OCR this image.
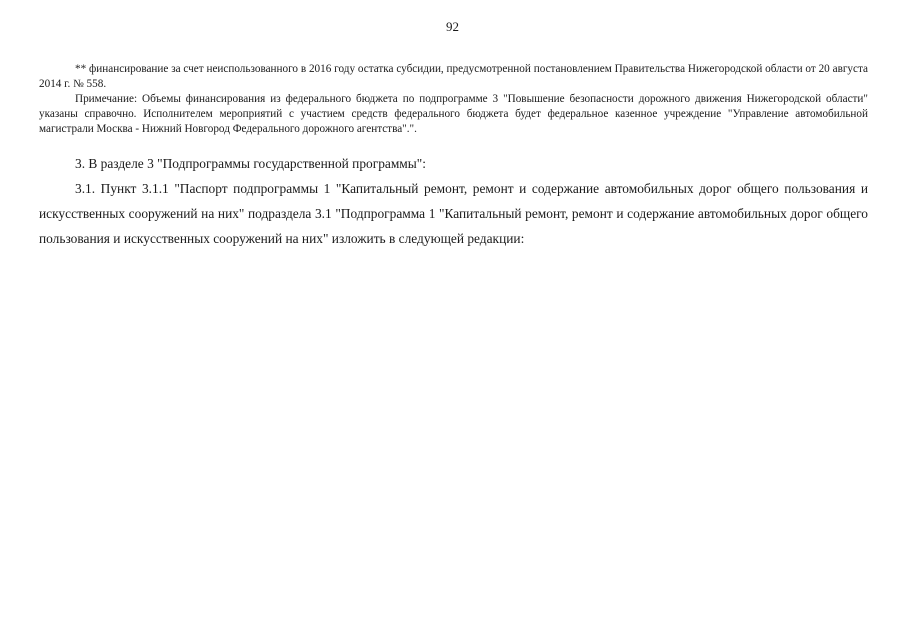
92

** финансирование за счет неиспользованного в 2016 году остатка субсидии, предусмотренной постановлением Правительства Нижегородской области от 20 августа 2014 г. № 558.

Примечание: Объемы финансирования из федерального бюджета по подпрограмме 3 "Повышение безопасности дорожного движения Нижегородской области" указаны справочно. Исполнителем мероприятий с участием средств федерального бюджета будет федеральное казенное учреждение "Управление автомобильной магистрали Москва - Нижний Новгород Федерального дорожного агентства".".

3. В разделе 3 "Подпрограммы государственной программы":

3.1. Пункт 3.1.1 "Паспорт подпрограммы 1 "Капитальный ремонт, ремонт и содержание автомобильных дорог общего пользования и искусственных сооружений на них" подраздела 3.1 "Подпрограмма 1 "Капитальный ремонт, ремонт и содержание автомобильных дорог общего пользования и искусственных сооружений на них" изложить в следующей редакции:
